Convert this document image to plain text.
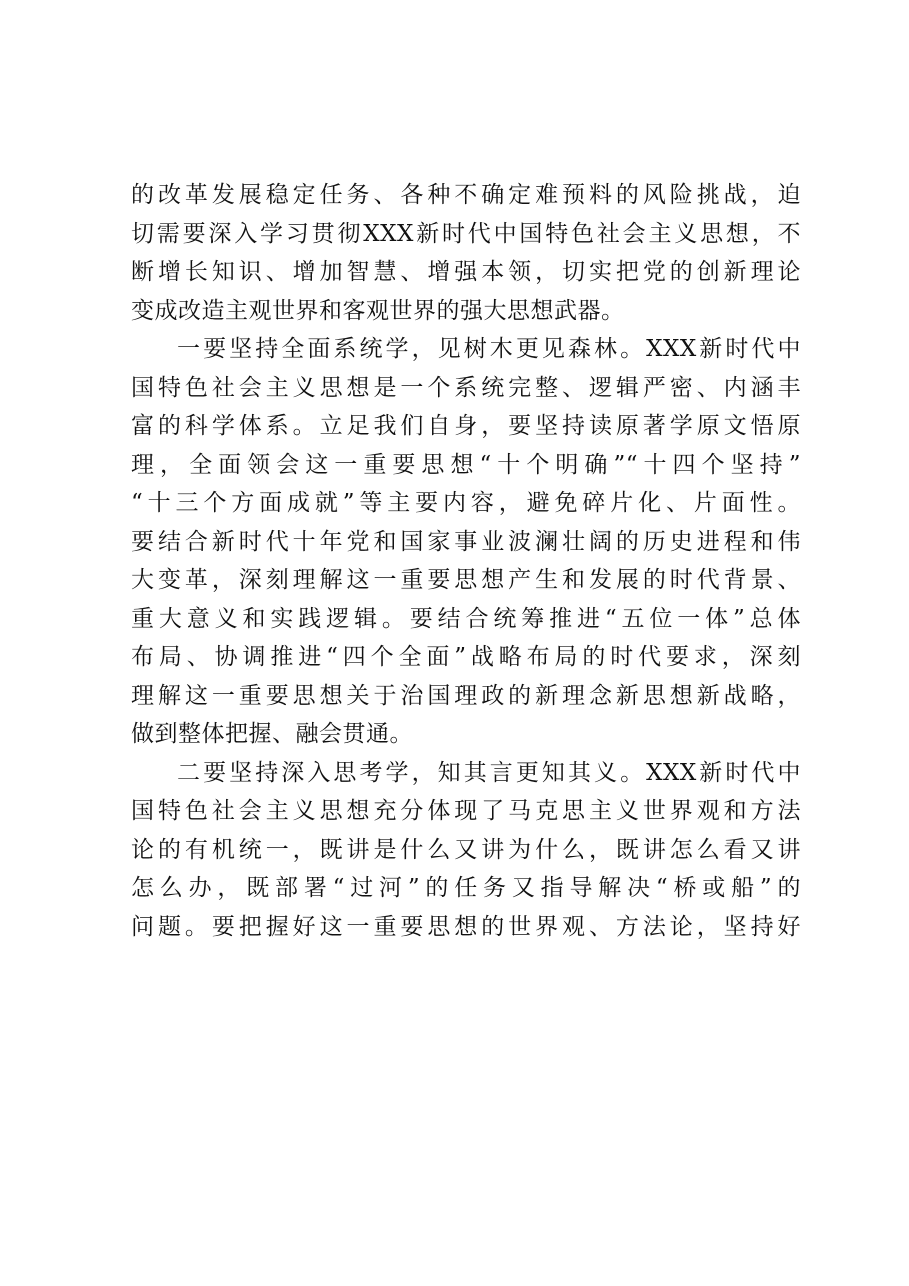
的改革发展稳定任务、各种不确定难预料的风险挑战，迫
切需要深入学习贯彻XXX新时代中国特色社会主义思想，不
断增长知识、增加智慧、增强本领，切实把党的创新理论
变成改造主观世界和客观世界的强大思想武器。
一要坚持全面系统学，见树木更见森林。XXX新时代中
国特色社会主义思想是一个系统完整、逻辑严密、内涵丰
富的科学体系。立足我们自身，要坚持读原著学原文悟原
理，全面领会这一重要思想“十个明确”“十四个坚持”
“十三个方面成就”等主要内容，避免碎片化、片面性。
要结合新时代十年党和国家事业波澜壮阔的历史进程和伟
大变革，深刻理解这一重要思想产生和发展的时代背景、
重大意义和实践逻辑。要结合统筹推进“五位一体”总体
布局、协调推进“四个全面”战略布局的时代要求，深刻
理解这一重要思想关于治国理政的新理念新思想新战略，
做到整体把握、融会贯通。
二要坚持深入思考学，知其言更知其义。XXX新时代中
国特色社会主义思想充分体现了马克思主义世界观和方法
论的有机统一，既讲是什么又讲为什么，既讲怎么看又讲
怎么办，既部署“过河”的任务又指导解决“桥或船”的
问题。要把握好这一重要思想的世界观、方法论，坚持好
